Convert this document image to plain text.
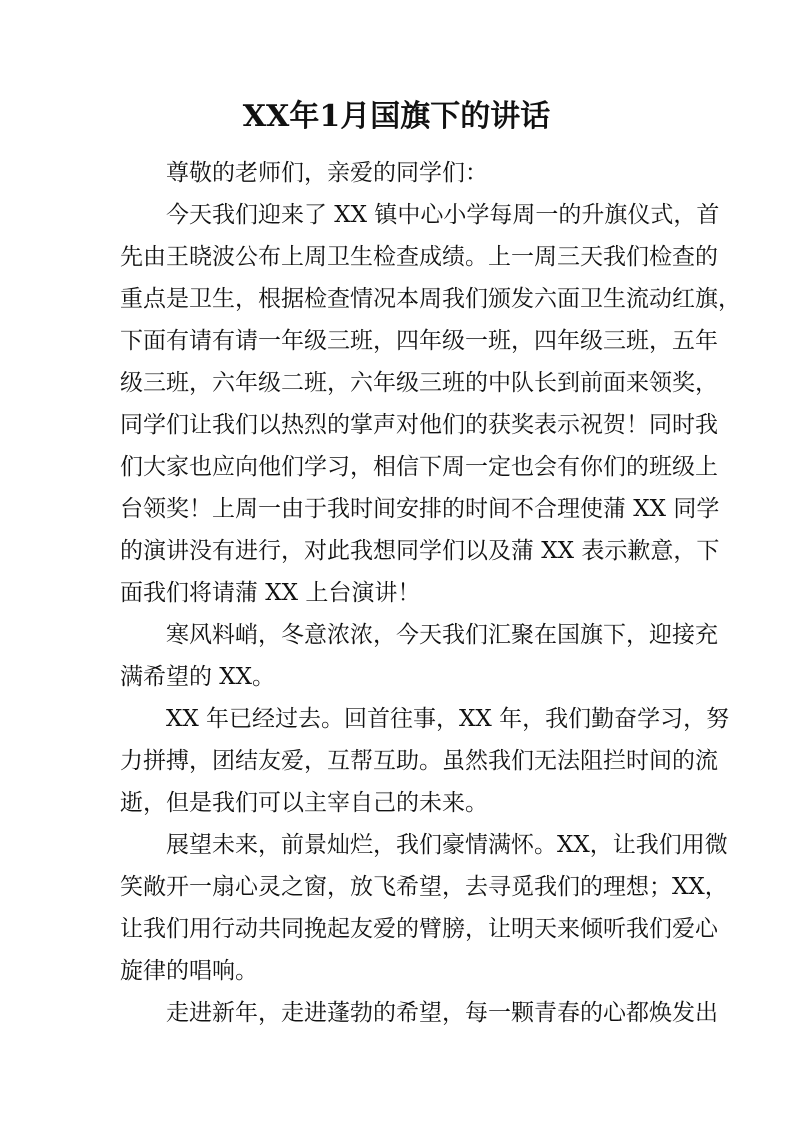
XX年1月国旗下的讲话
尊敬的老师们，亲爱的同学们：
今天我们迎来了 XX 镇中心小学每周一的升旗仪式，首
先由王晓波公布上周卫生检查成绩。上一周三天我们检查的
重点是卫生，根据检查情况本周我们颁发六面卫生流动红旗，
下面有请有请一年级三班，四年级一班，四年级三班，五年
级三班，六年级二班，六年级三班的中队长到前面来领奖，
同学们让我们以热烈的掌声对他们的获奖表示祝贺！同时我
们大家也应向他们学习，相信下周一定也会有你们的班级上
台领奖！上周一由于我时间安排的时间不合理使蒲 XX 同学
的演讲没有进行，对此我想同学们以及蒲 XX 表示歉意，下
面我们将请蒲 XX 上台演讲！
寒风料峭，冬意浓浓，今天我们汇聚在国旗下，迎接充
满希望的 XX。
XX 年已经过去。回首往事，XX 年，我们勤奋学习，努
力拼搏，团结友爱，互帮互助。虽然我们无法阻拦时间的流
逝，但是我们可以主宰自己的未来。
展望未来，前景灿烂，我们豪情满怀。XX，让我们用微
笑敞开一扇心灵之窗，放飞希望，去寻觅我们的理想；XX，
让我们用行动共同挽起友爱的臂膀，让明天来倾听我们爱心
旋律的唱响。
走进新年，走进蓬勃的希望，每一颗青春的心都焕发出
